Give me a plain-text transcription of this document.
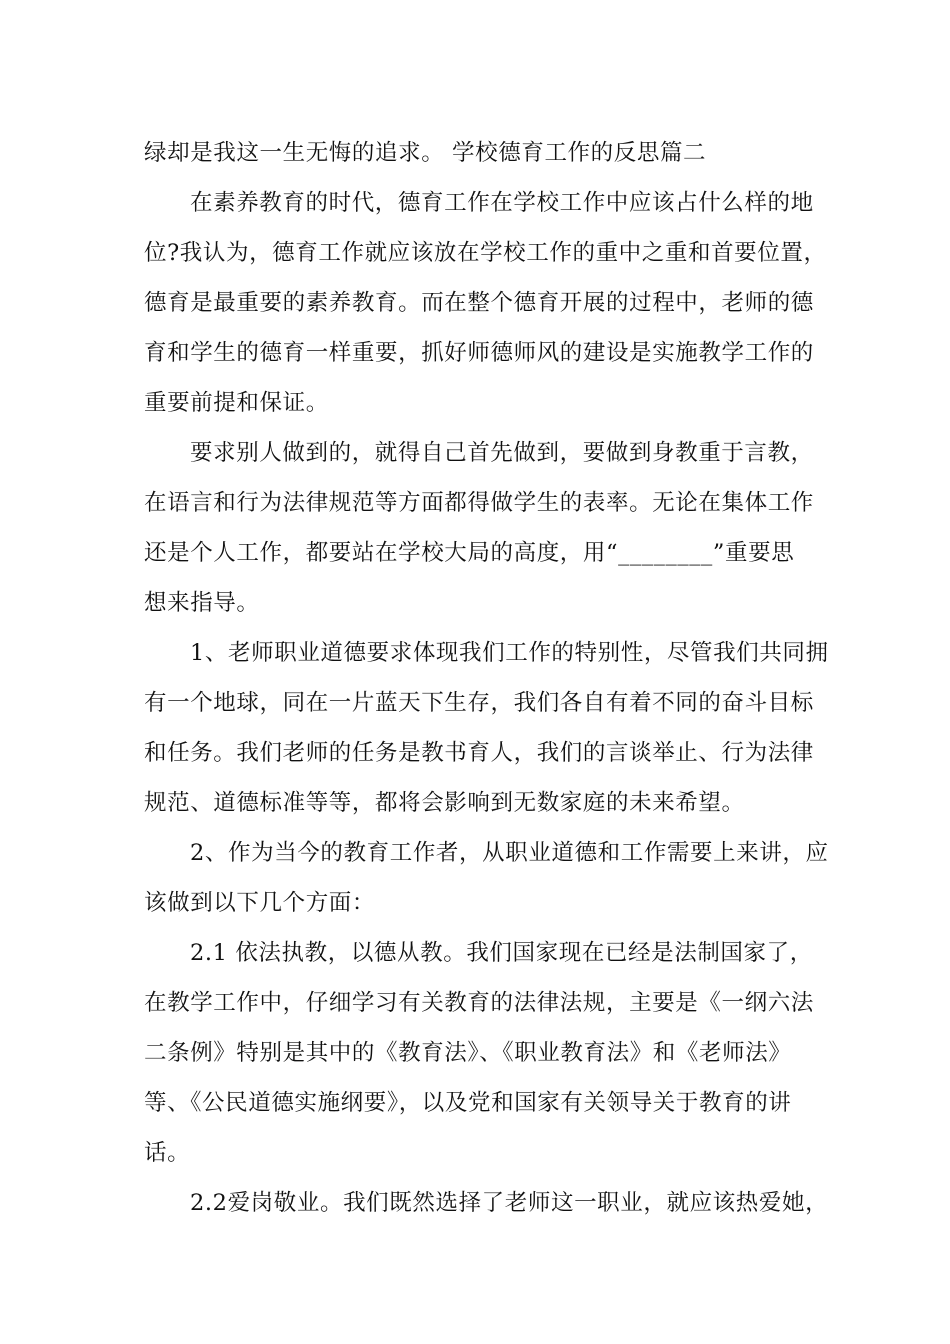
绿却是我这一生无悔的追求。 学校德育工作的反思篇二
在素养教育的时代，德育工作在学校工作中应该占什么样的地
位?我认为，德育工作就应该放在学校工作的重中之重和首要位置，
德育是最重要的素养教育。而在整个德育开展的过程中，老师的德
育和学生的德育一样重要，抓好师德师风的建设是实施教学工作的
重要前提和保证。
要求别人做到的，就得自己首先做到，要做到身教重于言教，
在语言和行为法律规范等方面都得做学生的表率。无论在集体工作
还是个人工作，都要站在学校大局的高度，用“________”重要思
想来指导。
1、老师职业道德要求体现我们工作的特别性，尽管我们共同拥
有一个地球，同在一片蓝天下生存，我们各自有着不同的奋斗目标
和任务。我们老师的任务是教书育人，我们的言谈举止、行为法律
规范、道德标准等等，都将会影响到无数家庭的未来希望。
2、作为当今的教育工作者，从职业道德和工作需要上来讲，应
该做到以下几个方面：
2.1 依法执教，以德从教。我们国家现在已经是法制国家了，
在教学工作中，仔细学习有关教育的法律法规，主要是《一纲六法
二条例》特别是其中的《教育法》、《职业教育法》和《老师法》
等、《公民道德实施纲要》，以及党和国家有关领导关于教育的讲
话。
2.2爱岗敬业。我们既然选择了老师这一职业，就应该热爱她，
